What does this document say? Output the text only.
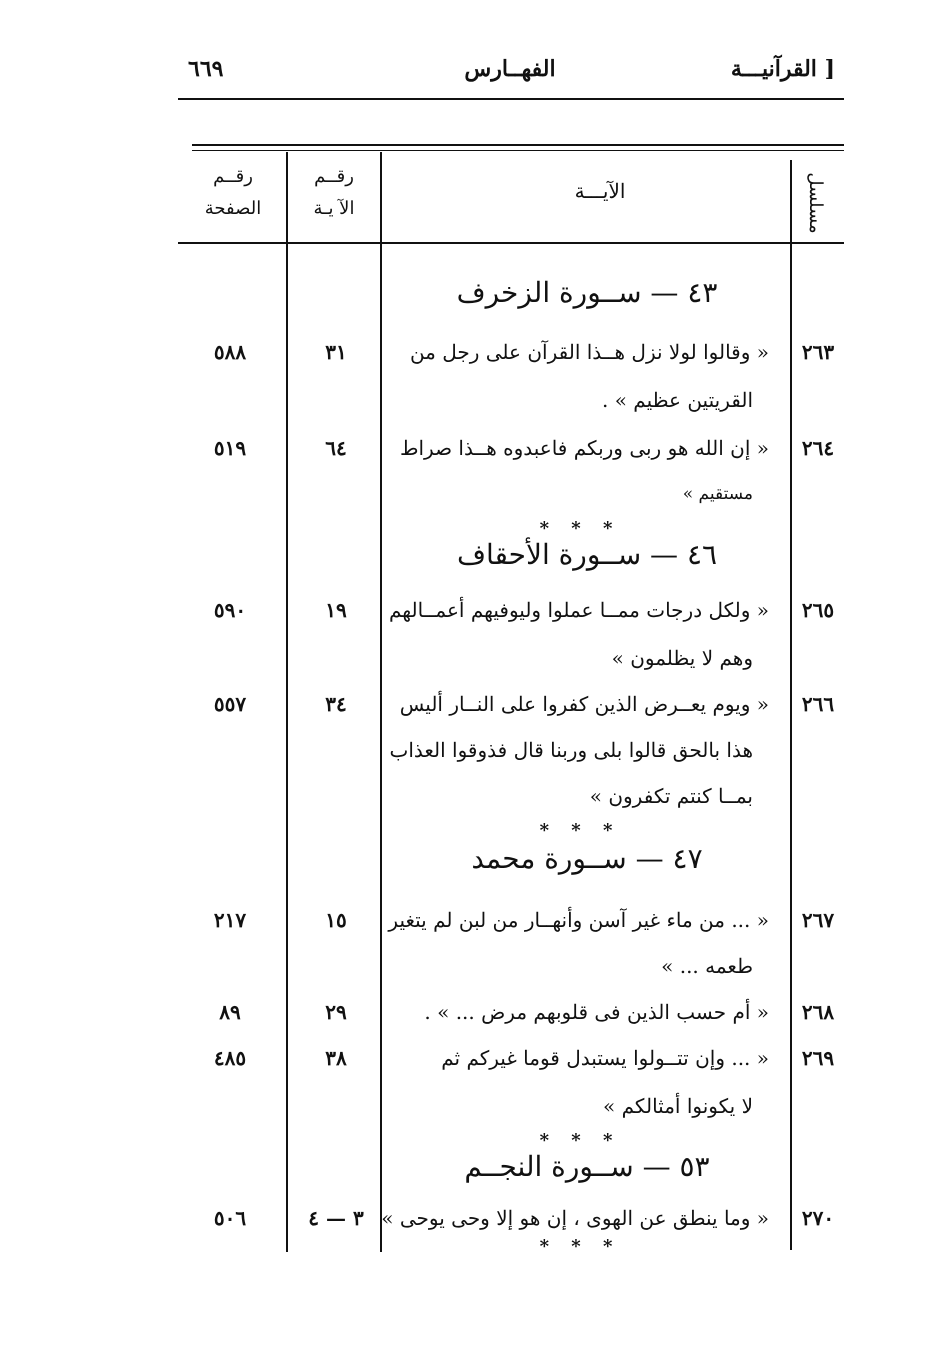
القرآنيـــة ]
الفهــارس
٦٦٩
مسلسل
الآيـــة
رقــم
الآ يـة
رقــم
الصفحة
٤٣ — ســورة الزخرف
٢٦٣
« وقالوا لولا نزل هــذا القرآن على رجل من
القريتين عظيم » .
٣١
٥٨٨
٢٦٤
« إن الله هو ربى وربكم فاعبدوه هــذا صراط
مستقيم »
٦٤
٥١٩
* * *
٤٦ — ســورة الأحقاف
٢٦٥
« ولكل درجات ممــا عملوا وليوفيهم أعمــالهم
وهم لا يظلمون »
١٩
٥٩٠
٢٦٦
« ويوم يعــرض الذين كفروا على النــار أليس
هذا بالحق قالوا بلى وربنا قال فذوقوا العذاب
بمــا كنتم تكفرون »
٣٤
٥٥٧
* * *
٤٧ — ســورة محمد
٢٦٧
« ... من ماء غير آسن وأنهــار من لبن لم يتغير
طعمه ... »
١٥
٢١٧
٢٦٨
« أم حسب الذين فى قلوبهم مرض ... » .
٢٩
٨٩
٢٦٩
« ... وإن تتــولوا يستبدل قوما غيركم ثم
لا يكونوا أمثالكم »
٣٨
٤٨٥
* * *
٥٣ — ســورة النجــم
٢٧٠
« وما ينطق عن الهوى ، إن هو إلا وحى يوحى »
٣ — ٤
٥٠٦
* * *
